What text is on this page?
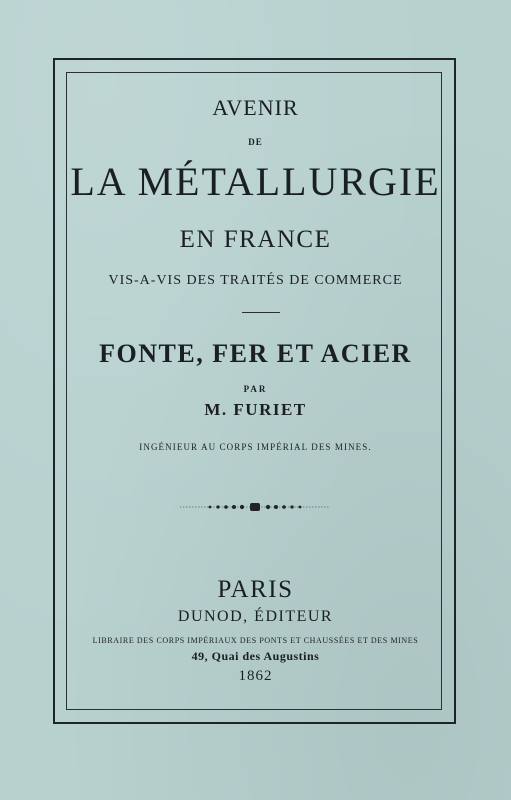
AVENIR
DE
LA MÉTALLURGIE
EN FRANCE
VIS-A-VIS DES TRAITÉS DE COMMERCE
FONTE, FER ET ACIER
PAR
M. FURIET
INGÉNIEUR AU CORPS IMPÉRIAL DES MINES.
PARIS
DUNOD, ÉDITEUR
LIBRAIRE DES CORPS IMPÉRIAUX DES PONTS ET CHAUSSÉES ET DES MINES
49, Quai des Augustins
1862
